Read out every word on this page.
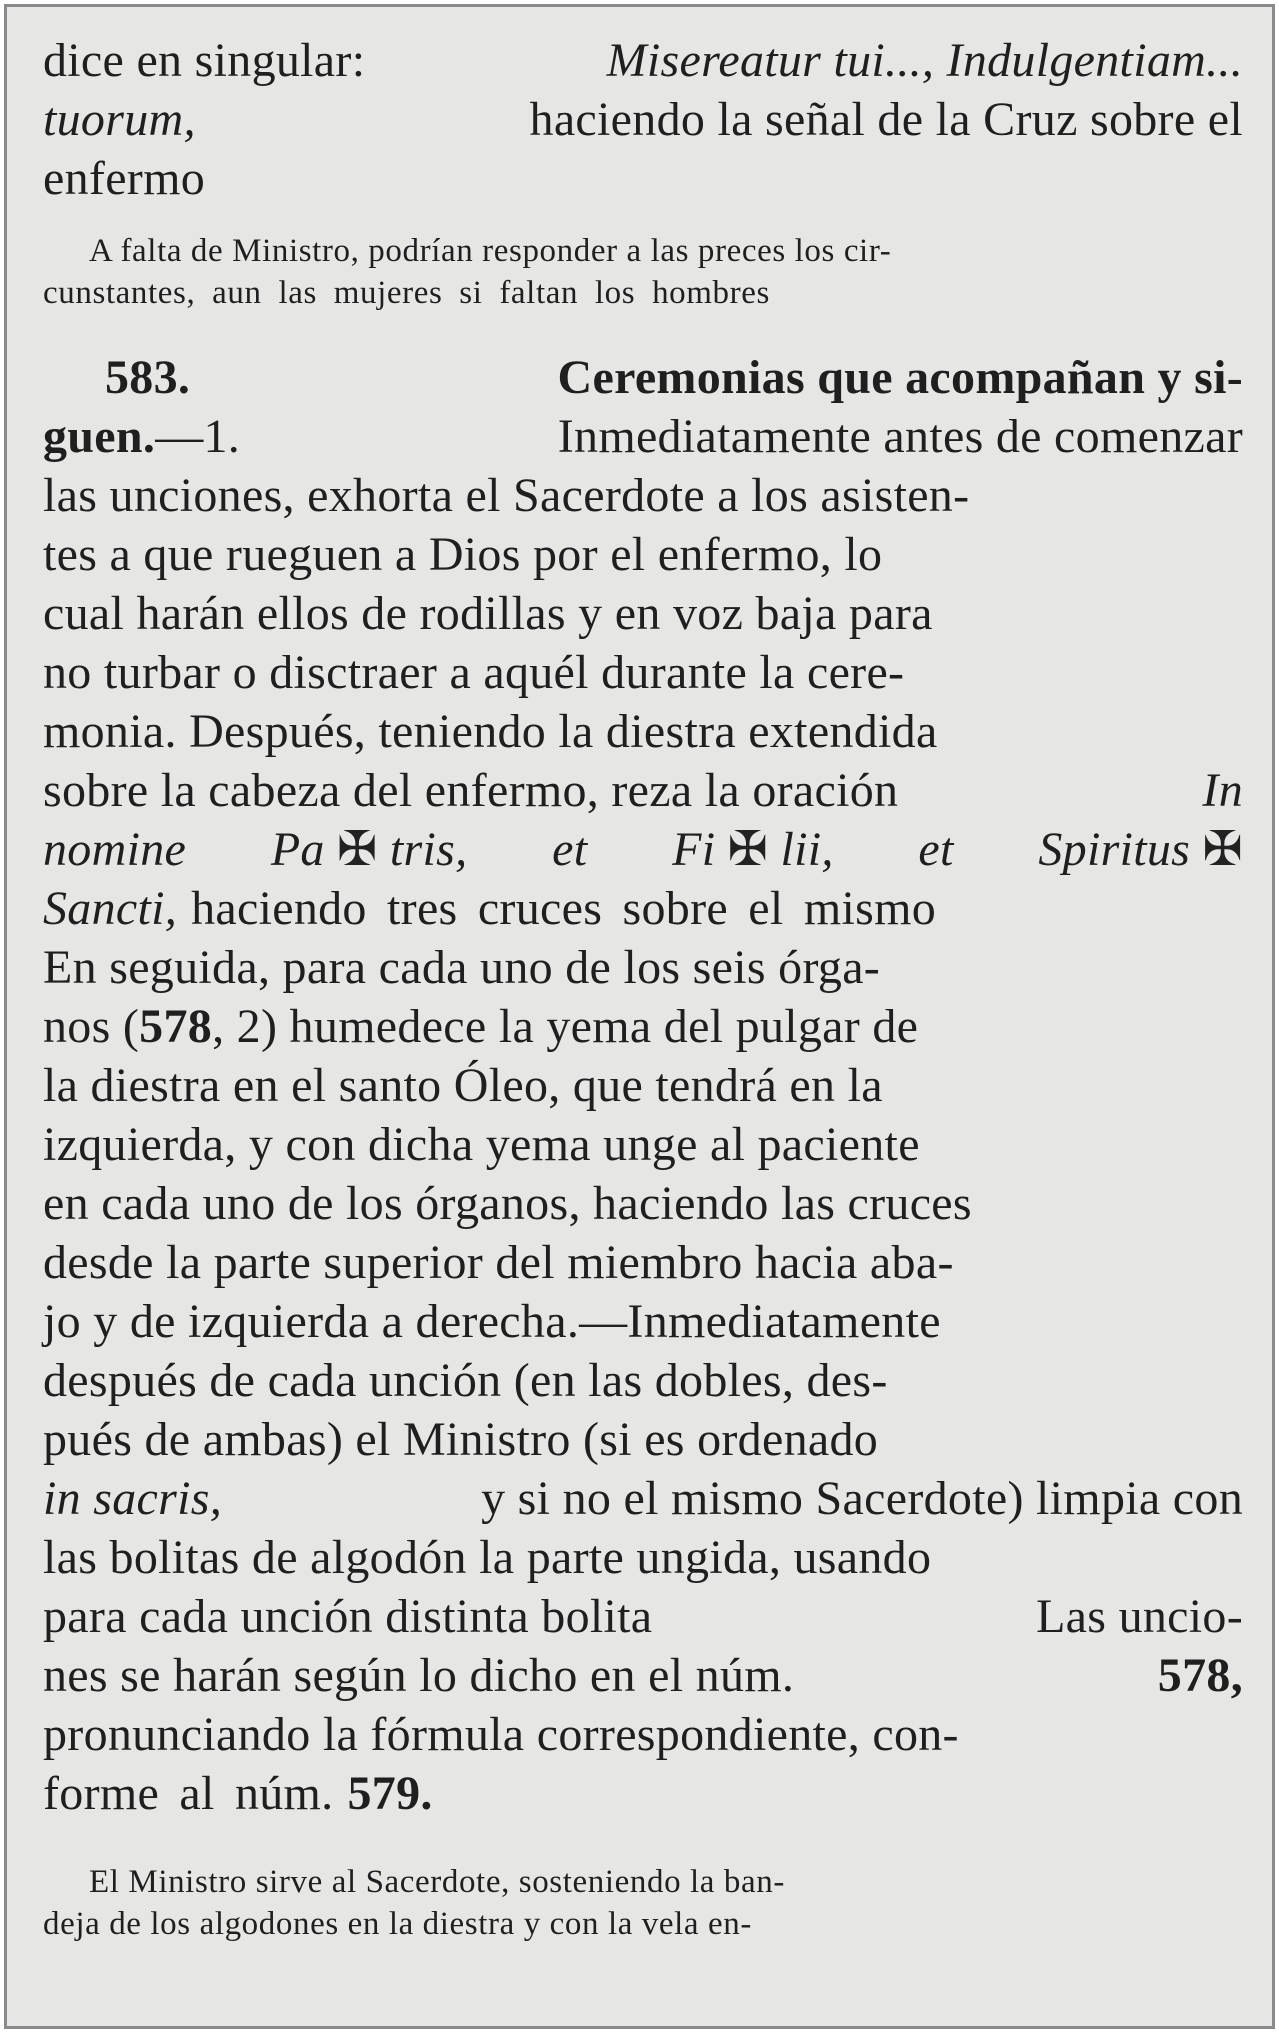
dice en singular:	Misereatur tui..., Indulgentiam...
tuorum,	haciendo la señal de la Cruz sobre el
enfermo
A falta de Ministro, podrían responder a las preces los cir-
cunstantes, aun las mujeres si faltan los hombres
583.	Ceremonias que acompañan y si-
guen.—1.	Inmediatamente antes de comenzar
las unciones, exhorta el Sacerdote a los asisten-
tes a que rueguen a Dios por el enfermo, lo
cual harán ellos de rodillas y en voz baja para
no turbar o disctraer a aquél durante la cere-
monia. Después, teniendo la diestra extendida
sobre la cabeza del enfermo, reza la oración	In
nomine Pa ✠ tris, et Fi ✠ lii, et Spiritus ✠
Sancti, haciendo tres cruces sobre el mismo
En seguida, para cada uno de los seis órga-
nos (578, 2) humedece la yema del pulgar de
la diestra en el santo Óleo, que tendrá en la
izquierda, y con dicha yema unge al paciente
en cada uno de los órganos, haciendo las cruces
desde la parte superior del miembro hacia aba-
jo y de izquierda a derecha.—Inmediatamente
después de cada unción (en las dobles, des-
pués de ambas) el Ministro (si es ordenado
in sacris,	y si no el mismo Sacerdote) limpia con
las bolitas de algodón la parte ungida, usando
para cada unción distinta bolita	Las uncio-
nes se harán según lo dicho en el núm.	578,
pronunciando la fórmula correspondiente, con-
forme al núm. 579.
El Ministro sirve al Sacerdote, sosteniendo la ban-
deja de los algodones en la diestra y con la vela en-
